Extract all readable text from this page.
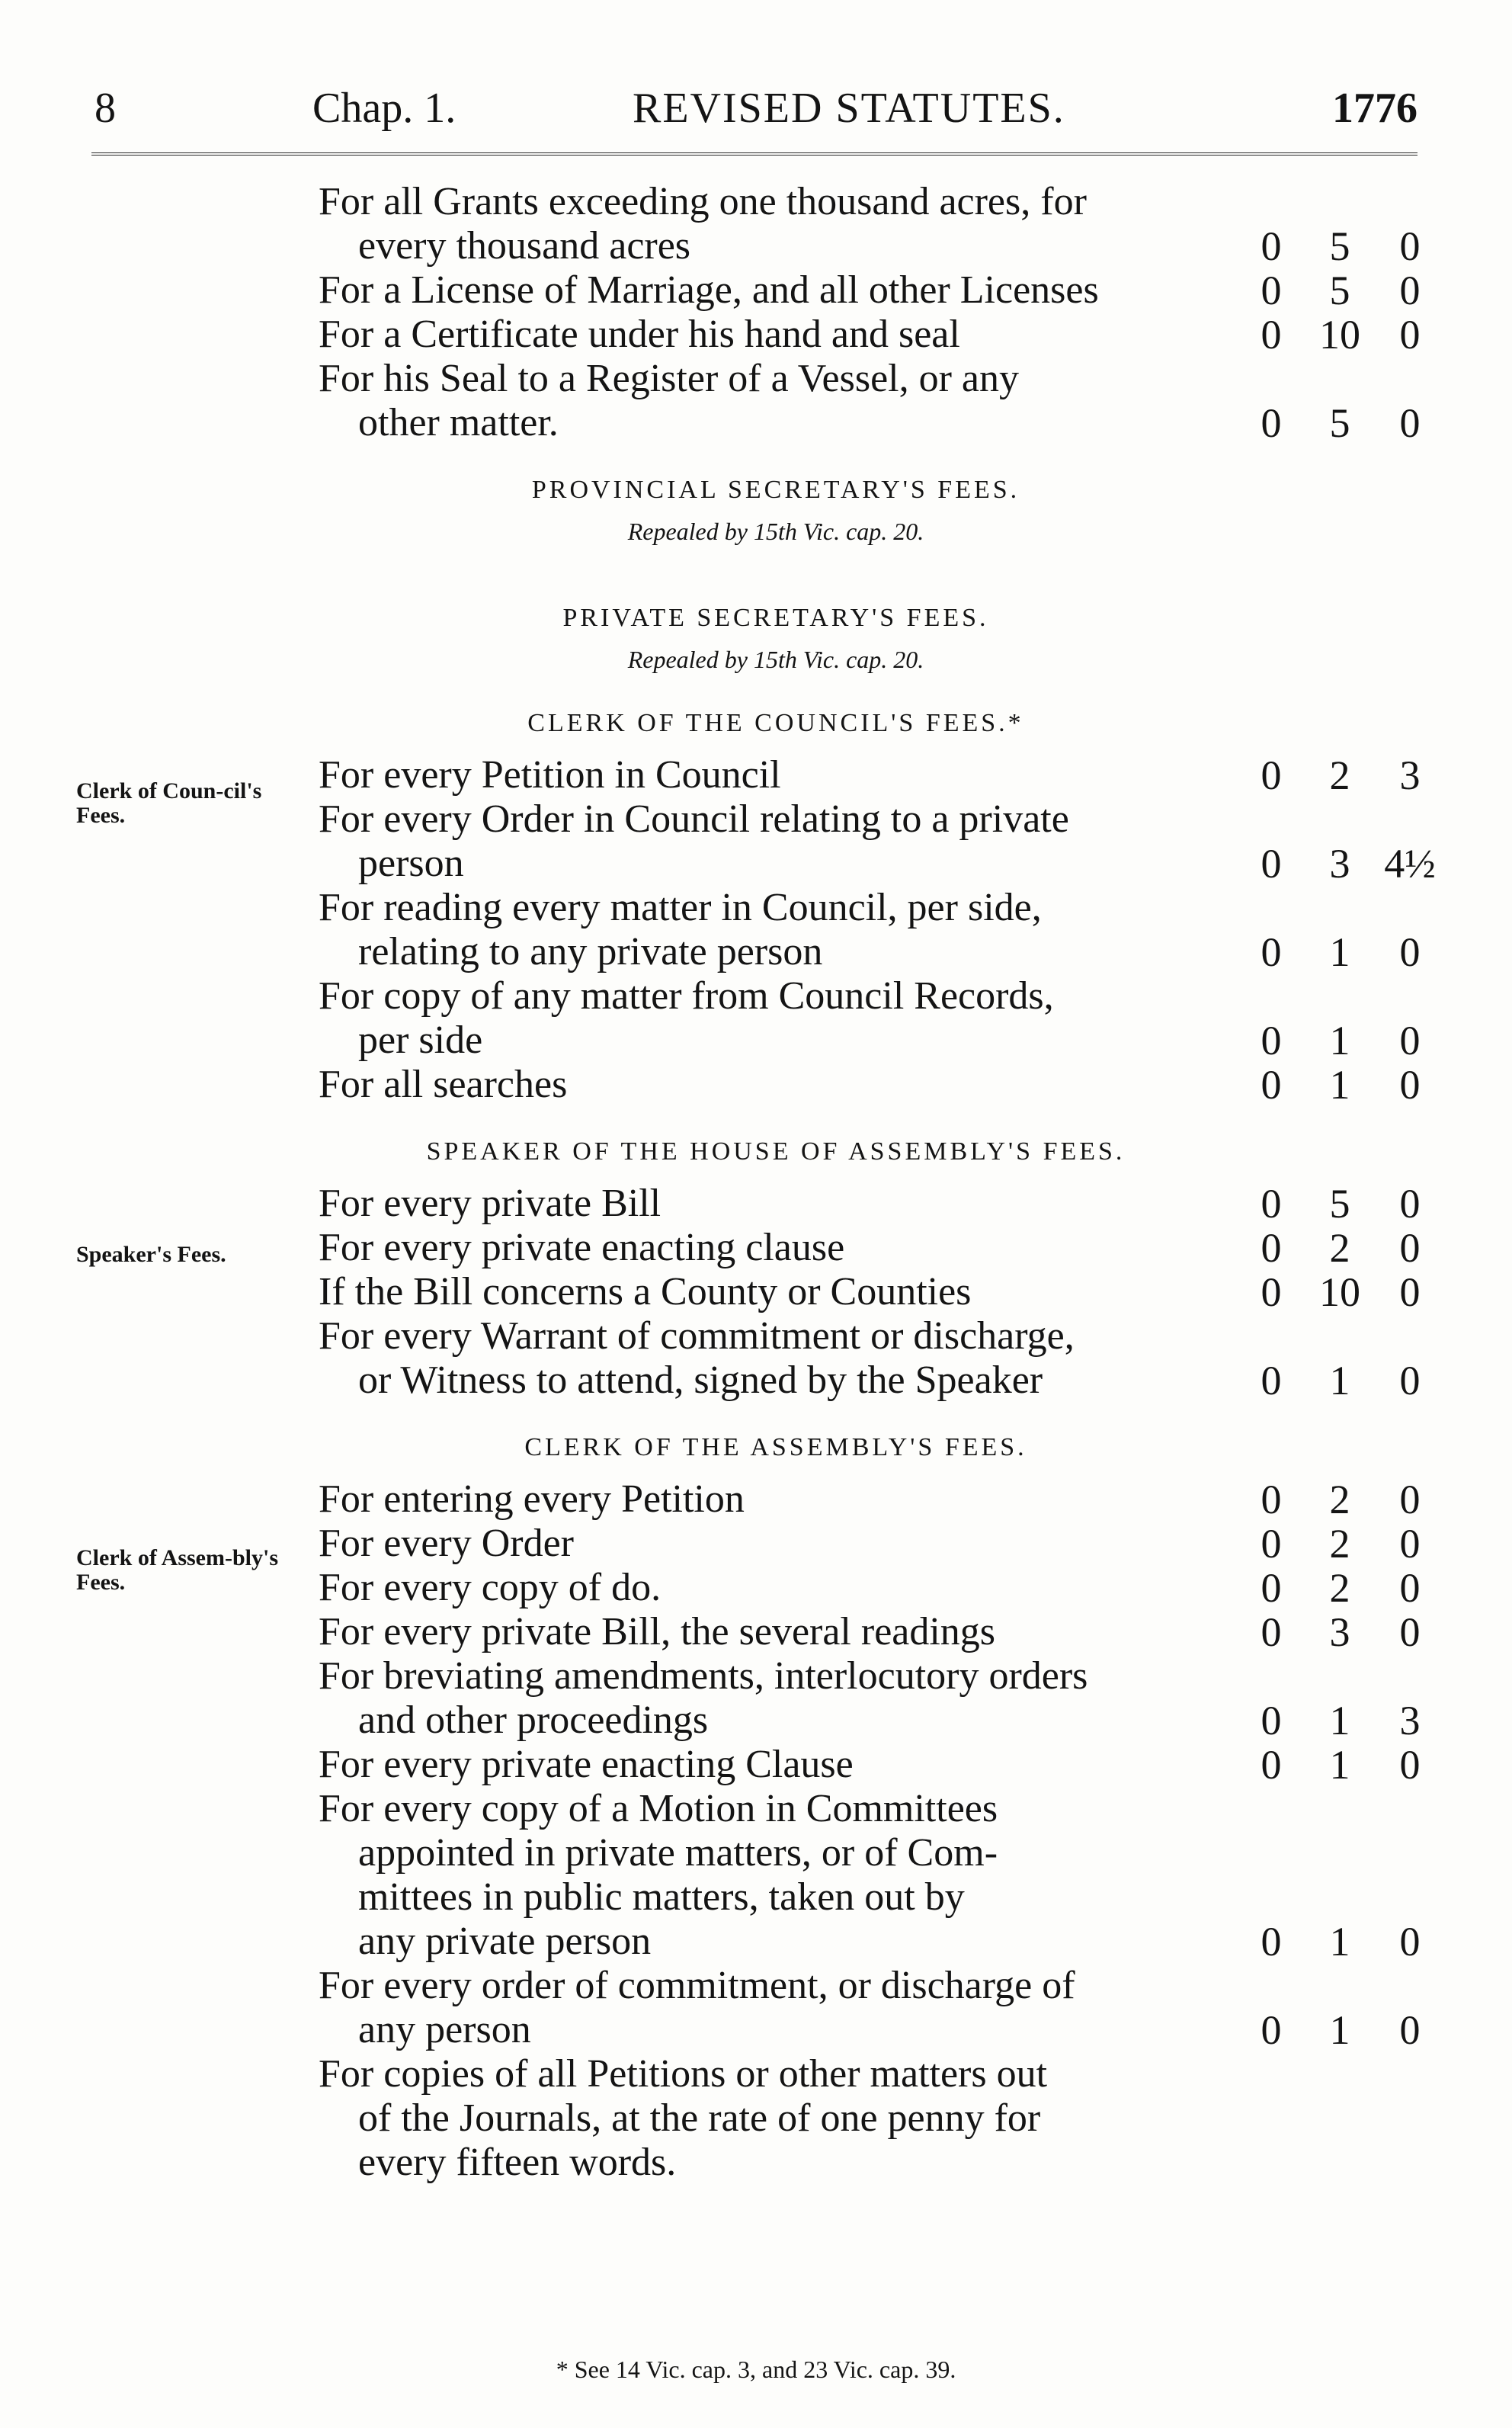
8	Chap. 1.	REVISED STATUTES.	1776
For all Grants exceeding one thousand acres, for
every thousand acres	0	5	0
For a License of Marriage, and all other Licenses	0	5	0
For a Certificate under his hand and seal	0 10 0
For his Seal to a Register of a Vessel, or any
other matter.	0	5	0
PROVINCIAL SECRETARY'S FEES.
Repealed by 15th Vic. cap. 20.
PRIVATE SECRETARY'S FEES.
Repealed by 15th Vic. cap. 20.
CLERK OF THE COUNCIL'S FEES.*
Clerk of Coun-cil's Fees.
For every Petition in Council	0	2	3
For every Order in Council relating to a private
person	0	3 4½
For reading every matter in Council, per side,
relating to any private person	0	1	0
For copy of any matter from Council Records,
per side	0	1	0
For all searches	0	1	0
SPEAKER OF THE HOUSE OF ASSEMBLY'S FEES.
Speaker's Fees.
For every private Bill	0	5	0
For every private enacting clause	0	2	0
If the Bill concerns a County or Counties	0 10 0
For every Warrant of commitment or discharge,
or Witness to attend, signed by the Speaker	0	1	0
CLERK OF THE ASSEMBLY'S FEES.
Clerk of Assem-bly's Fees.
For entering every Petition	0	2	0
For every Order	0	2	0
For every copy of do.	0	2	0
For every private Bill, the several readings	0	3	0
For breviating amendments, interlocutory orders
and other proceedings	0	1	3
For every private enacting Clause	0	1	0
For every copy of a Motion in Committees
appointed in private matters, or of Com-
mittees in public matters, taken out by
any private person	0	1	0
For every order of commitment, or discharge of
any person	0	1	0
For copies of all Petitions or other matters out
of the Journals, at the rate of one penny for
every fifteen words.
* See 14 Vic. cap. 3, and 23 Vic. cap. 39.
